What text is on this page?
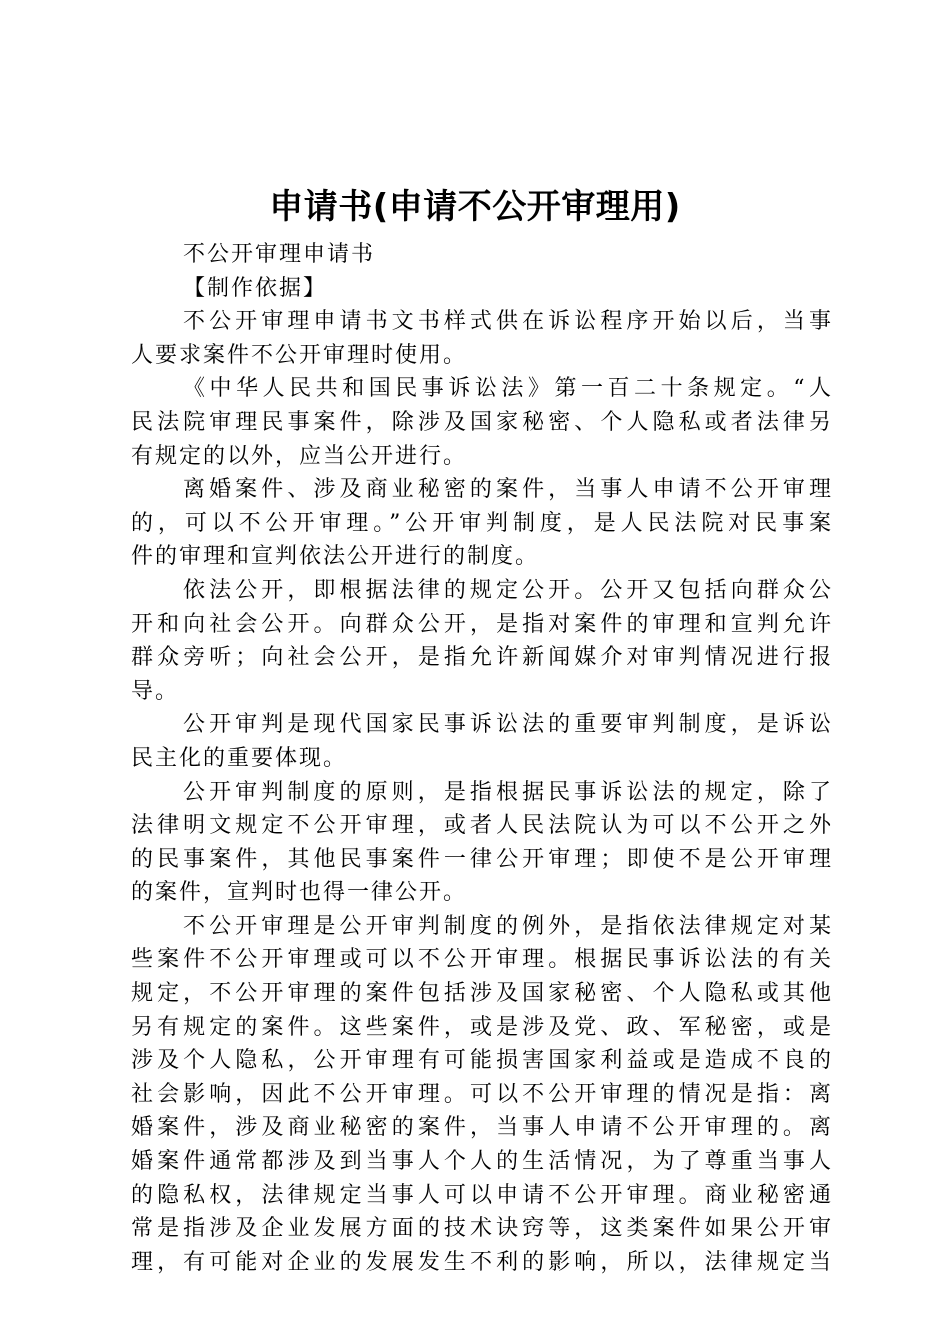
申请书(申请不公开审理用)
不公开审理申请书
【制作依据】
不公开审理申请书文书样式供在诉讼程序开始以后，当事
人要求案件不公开审理时使用。
《中华人民共和国民事诉讼法》第一百二十条规定。“人
民法院审理民事案件，除涉及国家秘密、个人隐私或者法律另
有规定的以外，应当公开进行。
离婚案件、涉及商业秘密的案件，当事人申请不公开审理
的，可以不公开审理。”公开审判制度，是人民法院对民事案
件的审理和宣判依法公开进行的制度。
依法公开，即根据法律的规定公开。公开又包括向群众公
开和向社会公开。向群众公开，是指对案件的审理和宣判允许
群众旁听；向社会公开，是指允许新闻媒介对审判情况进行报
导。
公开审判是现代国家民事诉讼法的重要审判制度，是诉讼
民主化的重要体现。
公开审判制度的原则，是指根据民事诉讼法的规定，除了
法律明文规定不公开审理，或者人民法院认为可以不公开之外
的民事案件，其他民事案件一律公开审理；即使不是公开审理
的案件，宣判时也得一律公开。
不公开审理是公开审判制度的例外，是指依法律规定对某
些案件不公开审理或可以不公开审理。根据民事诉讼法的有关
规定，不公开审理的案件包括涉及国家秘密、个人隐私或其他
另有规定的案件。这些案件，或是涉及党、政、军秘密，或是
涉及个人隐私，公开审理有可能损害国家利益或是造成不良的
社会影响，因此不公开审理。可以不公开审理的情况是指：离
婚案件，涉及商业秘密的案件，当事人申请不公开审理的。离
婚案件通常都涉及到当事人个人的生活情况，为了尊重当事人
的隐私权，法律规定当事人可以申请不公开审理。商业秘密通
常是指涉及企业发展方面的技术诀窍等，这类案件如果公开审
理，有可能对企业的发展发生不利的影响，所以，法律规定当
